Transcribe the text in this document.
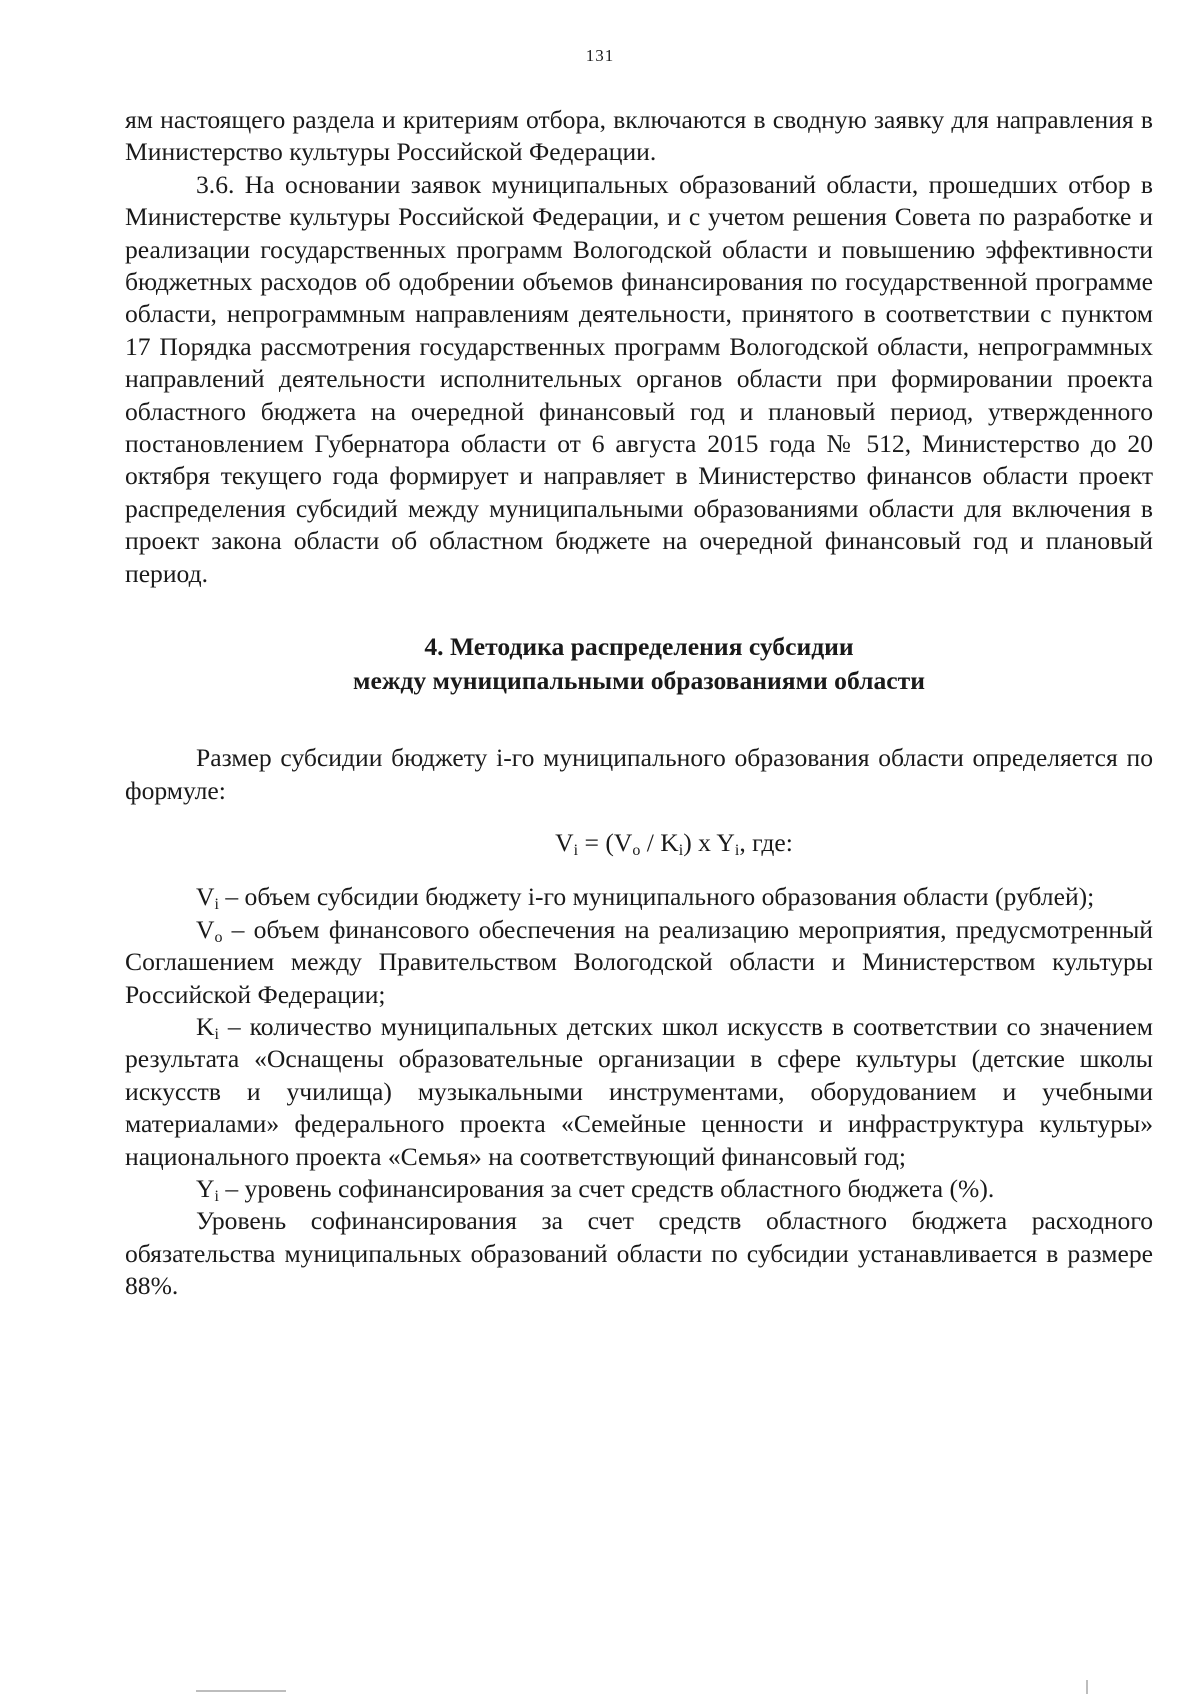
131

ям настоящего раздела и критериям отбора, включаются в сводную заявку для направления в Министерство культуры Российской Федерации.

3.6. На основании заявок муниципальных образований области, прошедших отбор в Министерстве культуры Российской Федерации, и с учетом решения Совета по разработке и реализации государственных программ Вологодской области и повышению эффективности бюджетных расходов об одобрении объемов финансирования по государственной программе области, непрограммным направлениям деятельности, принятого в соответствии с пунктом 17 Порядка рассмотрения государственных программ Вологодской области, непрограммных направлений деятельности исполнительных органов области при формировании проекта областного бюджета на очередной финансовый год и плановый период, утвержденного постановлением Губернатора области от 6 августа 2015 года № 512, Министерство до 20 октября текущего года формирует и направляет в Министерство финансов области проект распределения субсидий между муниципальными образованиями области для включения в проект закона области об областном бюджете на очередной финансовый год и плановый период.

4. Методика распределения субсидии
между муниципальными образованиями области

Размер субсидии бюджету i-го муниципального образования области определяется по формуле:

$V_i = (V_o / K_i)$ x $Y_i$, где:

$V_i$ – объем субсидии бюджету i-го муниципального образования области (рублей);

$V_o$ – объем финансового обеспечения на реализацию мероприятия, предусмотренный Соглашением между Правительством Вологодской области и Министерством культуры Российской Федерации;

$K_i$ – количество муниципальных детских школ искусств в соответствии со значением результата «Оснащены образовательные организации в сфере культуры (детские школы искусств и училища) музыкальными инструментами, оборудованием и учебными материалами» федерального проекта «Семейные ценности и инфраструктура культуры» национального проекта «Семья» на соответствующий финансовый год;

$Y_i$ – уровень софинансирования за счет средств областного бюджета (%).

Уровень софинансирования за счет средств областного бюджета расходного обязательства муниципальных образований области по субсидии устанавливается в размере 88%.
